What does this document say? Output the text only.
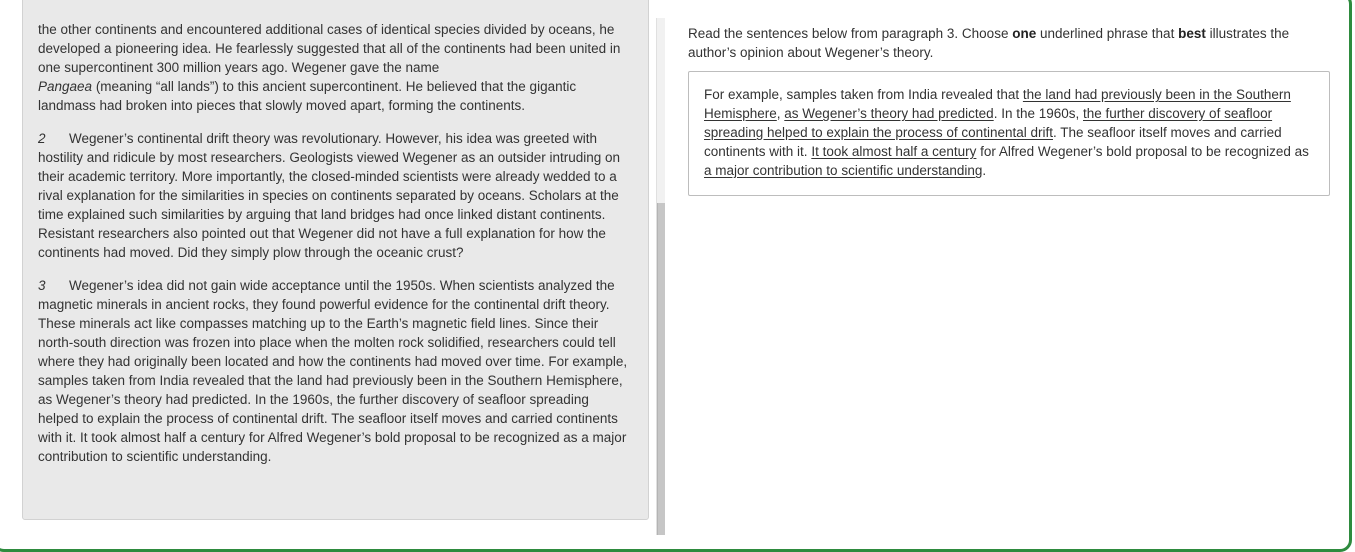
the other continents and encountered additional cases of identical species divided by oceans, he developed a pioneering idea. He fearlessly suggested that all of the continents had been united in one supercontinent 300 million years ago. Wegener gave the name
Pangaea (meaning “all lands”) to this ancient supercontinent. He believed that the gigantic landmass had broken into pieces that slowly moved apart, forming the continents.

2 Wegener’s continental drift theory was revolutionary. However, his idea was greeted with hostility and ridicule by most researchers. Geologists viewed Wegener as an outsider intruding on their academic territory. More importantly, the closed-minded scientists were already wedded to a rival explanation for the similarities in species on continents separated by oceans. Scholars at the time explained such similarities by arguing that land bridges had once linked distant continents. Resistant researchers also pointed out that Wegener did not have a full explanation for how the continents had moved. Did they simply plow through the oceanic crust?

3 Wegener’s idea did not gain wide acceptance until the 1950s. When scientists analyzed the magnetic minerals in ancient rocks, they found powerful evidence for the continental drift theory. These minerals act like compasses matching up to the Earth’s magnetic field lines. Since their north-south direction was frozen into place when the molten rock solidified, researchers could tell where they had originally been located and how the continents had moved over time. For example, samples taken from India revealed that the land had previously been in the Southern Hemisphere, as Wegener’s theory had predicted. In the 1960s, the further discovery of seafloor spreading helped to explain the process of continental drift. The seafloor itself moves and carried continents with it. It took almost half a century for Alfred Wegener’s bold proposal to be recognized as a major contribution to scientific understanding.

Read the sentences below from paragraph 3. Choose one underlined phrase that best illustrates the author’s opinion about Wegener’s theory.

For example, samples taken from India revealed that the land had previously been in the Southern Hemisphere, as Wegener’s theory had predicted. In the 1960s, the further discovery of seafloor spreading helped to explain the process of continental drift. The seafloor itself moves and carried continents with it. It took almost half a century for Alfred Wegener’s bold proposal to be recognized as a major contribution to scientific understanding.
